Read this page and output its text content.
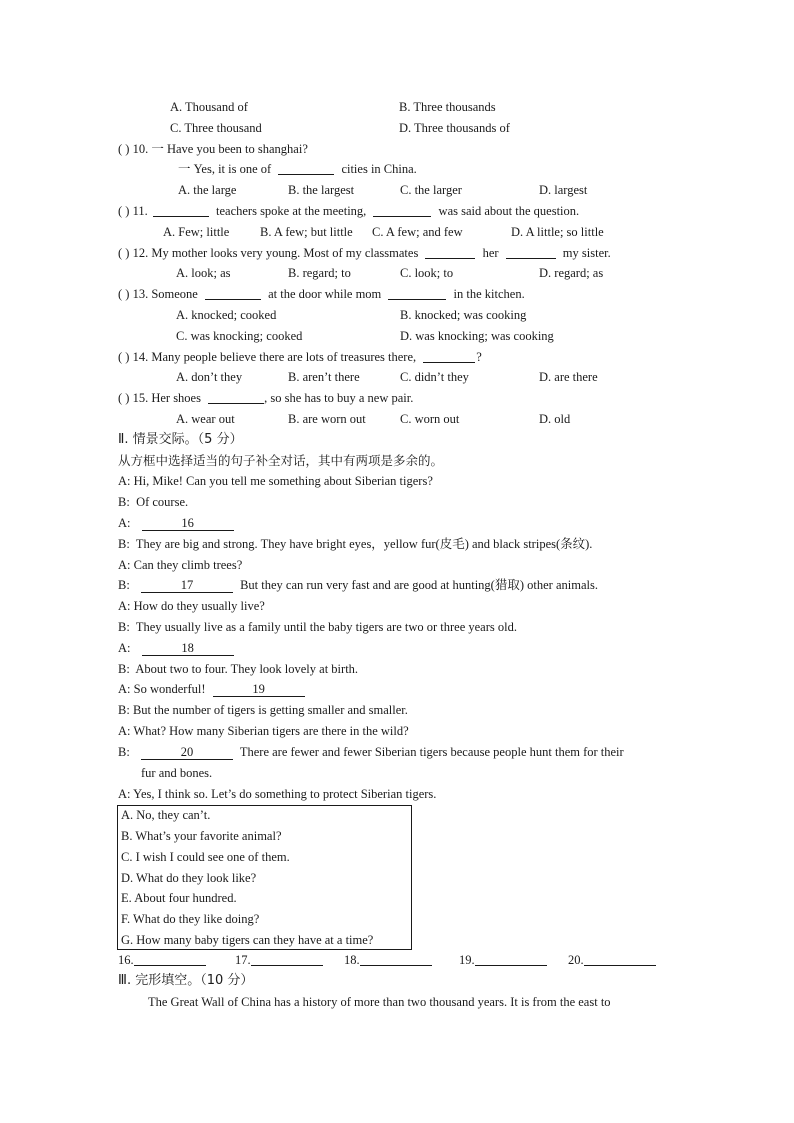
A. Thousand of	B. Three thousands
C. Three thousand	D. Three thousands of
( ) 10. 一 Have you been to shanghai?
一 Yes, it is one of	cities in China.
A. the large	B. the largest	C. the larger	D. largest
( ) 11.	teachers spoke at the meeting,	was said about the question.
A. Few; little B. A few; but little C. A few; and few	D. A little; so little
( ) 12. My mother looks very young. Most of my classmates	her	my sister.
A. look; as	B. regard; to	C. look; to	D. regard; as
( ) 13. Someone	at the door while mom	in the kitchen.
A. knocked; cooked	B. knocked; was cooking
C. was knocking; cooked	D. was knocking; was cooking
( ) 14. Many people believe there are lots of treasures there,	?
A. don’t they	B. aren’t there	C. didn’t they	D. are there
( ) 15. Her shoes	, so she has to buy a new pair.
A. wear out	B. are worn out	C. worn out	D. old
Ⅱ. 情景交际。（5 分）
从方框中选择适当的句子补全对话，其中有两项是多余的。
A: Hi, Mike! Can you tell me something about Siberian tigers?
B: Of course.
A:	16
B: They are big and strong. They have bright eyes，yellow fur(皮毛) and black stripes(条纹).
A: Can they climb trees?
B:	17	But they can run very fast and are good at hunting(猎取) other animals.
A: How do they usually live?
B: They usually live as a family until the baby tigers are two or three years old.
A:	18
B: About two to four. They look lovely at birth.
A: So wonderful!	19
B: But the number of tigers is getting smaller and smaller.
A: What? How many Siberian tigers are there in the wild?
B:	20	There are fewer and fewer Siberian tigers because people hunt them for their
fur and bones.
A: Yes, I think so. Let’s do something to protect Siberian tigers.
A. No, they can’t.
B. What’s your favorite animal?
C. I wish I could see one of them.
D. What do they look like?
E. About four hundred.
F. What do they like doing?
G. How many baby tigers can they have at a time?
16.	17.	18.	19.	20.
Ⅲ. 完形填空。（10 分）
The Great Wall of China has a history of more than two thousand years. It is from the east to
